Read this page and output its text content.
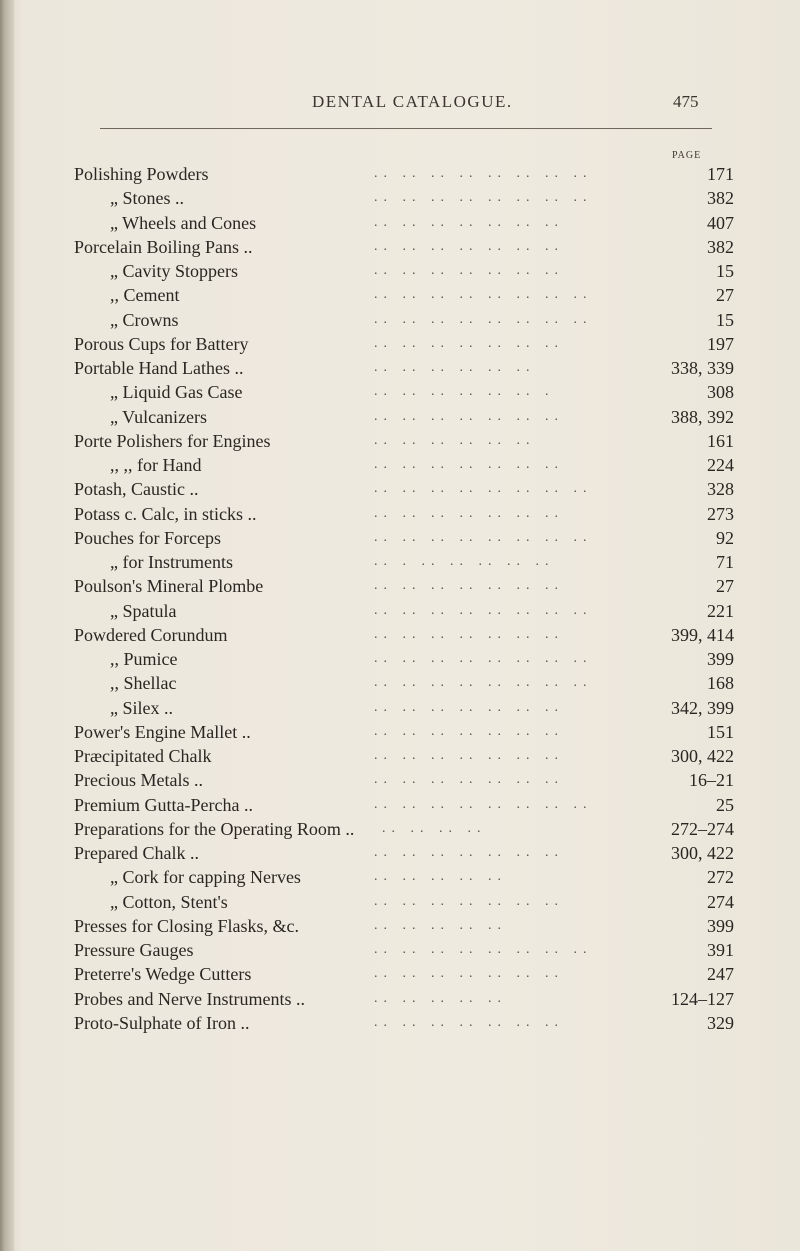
DENTAL CATALOGUE.	475
PAGE
Polishing Powders	.. .. .. .. .. .. .. ..	171
„ Stones ..	.. .. .. .. .. .. .. ..	382
„ Wheels and Cones	.. .. .. .. .. .. ..	407
Porcelain Boiling Pans ..	.. .. .. .. .. .. ..	382
„ Cavity Stoppers	.. .. .. .. .. .. ..	15
,, Cement	.. .. .. .. .. .. .. ..	27
„ Crowns	.. .. .. .. .. .. .. ..	15
Porous Cups for Battery	.. .. .. .. .. .. ..	197
Portable Hand Lathes ..	.. .. .. .. .. ..	338, 339
„ Liquid Gas Case	.. .. .. .. .. .. .	308
„ Vulcanizers	.. .. .. .. .. .. ..	388, 392
Porte Polishers for Engines	.. .. .. .. .. ..	161
,, ,, for Hand	.. .. .. .. .. .. ..	224
Potash, Caustic ..	.. .. .. .. .. .. .. ..	328
Potass c. Calc, in sticks ..	.. .. .. .. .. .. ..	273
Pouches for Forceps	.. .. .. .. .. .. .. ..	92
„ for Instruments	.. . .. .. .. .. ..	71
Poulson's Mineral Plombe	.. .. .. .. .. .. ..	27
„ Spatula	.. .. .. .. .. .. .. ..	221
Powdered Corundum	.. .. .. .. .. .. ..	399, 414
,, Pumice	.. .. .. .. .. .. .. ..	399
,, Shellac	.. .. .. .. .. .. .. ..	168
„ Silex ..	.. .. .. .. .. .. ..	342, 399
Power's Engine Mallet ..	.. .. .. .. .. .. ..	151
Præcipitated Chalk	.. .. .. .. .. .. ..	300, 422
Precious Metals ..	.. .. .. .. .. .. ..	16–21
Premium Gutta-Percha ..	.. .. .. .. .. .. .. ..	25
Preparations for the Operating Room .. .. .. .. ..	272–274
Prepared Chalk ..	.. .. .. .. .. .. ..	300, 422
„ Cork for capping Nerves	.. .. .. .. ..	272
„ Cotton, Stent's	.. .. .. .. .. .. ..	274
Presses for Closing Flasks, &c.	.. .. .. .. ..	399
Pressure Gauges	.. .. .. .. .. .. .. ..	391
Preterre's Wedge Cutters	.. .. .. .. .. .. ..	247
Probes and Nerve Instruments ..	.. .. .. .. ..	124–127
Proto-Sulphate of Iron ..	.. .. .. .. .. .. ..	329
